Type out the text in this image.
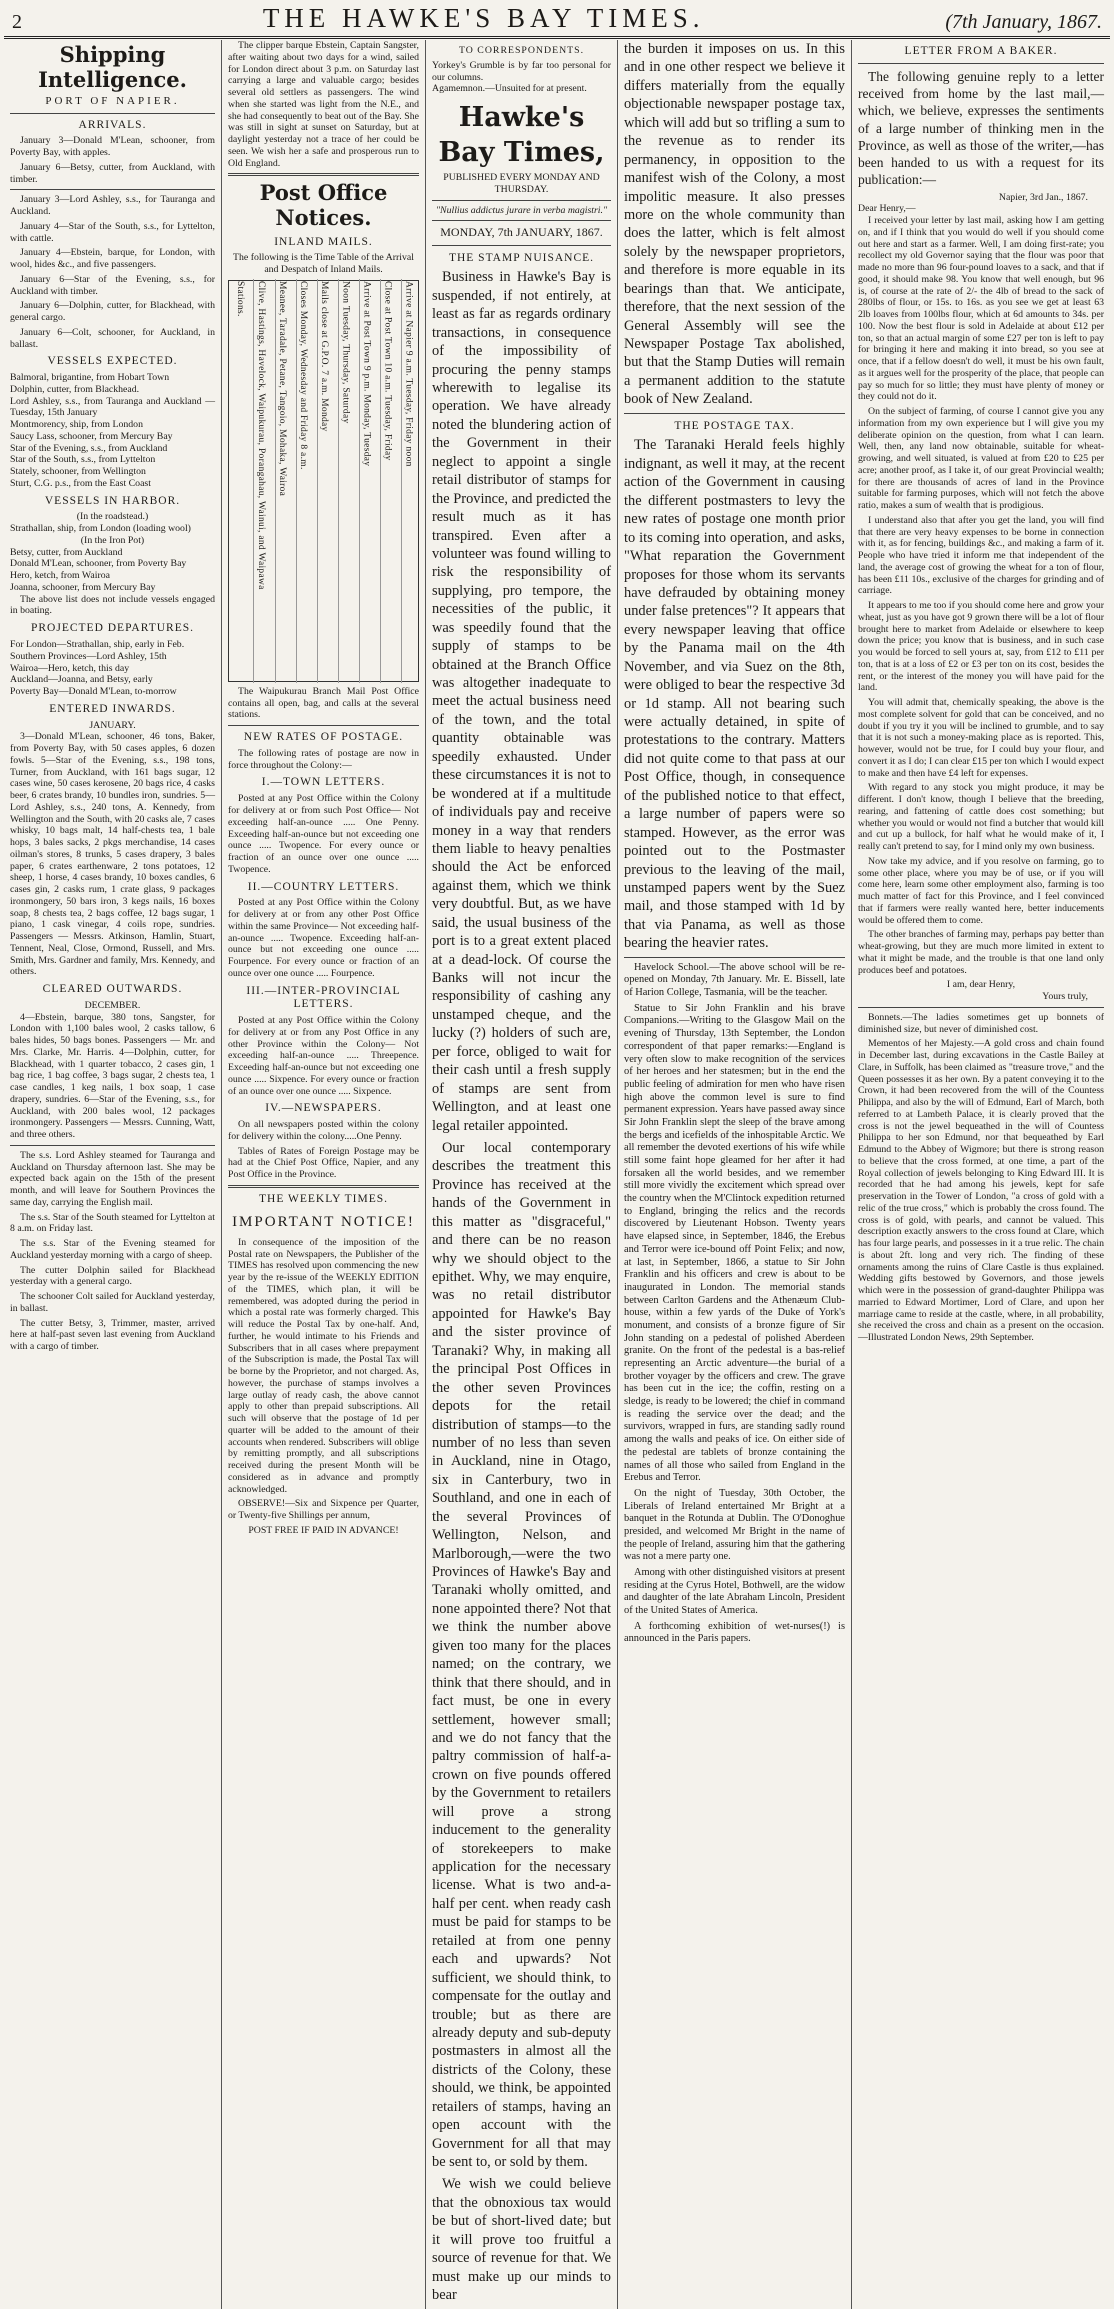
2	THE HAWKE'S BAY TIMES.	(7th January, 1867.
Shipping Intelligence.
PORT OF NAPIER.
ARRIVALS.

January 3—Donald M'Lean, schooner, from Poverty Bay, with apples.

January 6—Betsy, cutter, from Auckland, with timber.

January 3—Lord Ashley, s.s., for Tauranga and Auckland.

January 4—Star of the South, s.s., for Lyttelton, with cattle.

January 4—Ebstein, barque, for London, with wool, hides &c., and five passengers.

January 6—Star of the Evening, s.s., for Auckland with timber.

January 6—Dolphin, cutter, for Blackhead, with general cargo.

January 6—Colt, schooner, for Auckland, in ballast.

VESSELS EXPECTED.
Balmoral, brigantine, from Hobart Town
Dolphin, cutter, from Blackhead.
Lord Ashley, s.s., from Tauranga and Auckland —Tuesday, 15th January
Montmorency, ship, from London
Saucy Lass, schooner, from Mercury Bay
Star of the Evening, s.s., from Auckland
Star of the South, s.s., from Lyttelton
Stately, schooner, from Wellington
Sturt, C.G. p.s., from the East Coast
VESSELS IN HARBOR.
(In the roadstead.)
Strathallan, ship, from London (loading wool)
(In the Iron Pot)
Betsy, cutter, from Auckland
Donald M'Lean, schooner, from Poverty Bay
Hero, ketch, from Wairoa
Joanna, schooner, from Mercury Bay

The above list does not include vessels engaged in boating.

PROJECTED DEPARTURES.
For London—Strathallan, ship, early in Feb.
Southern Provinces—Lord Ashley, 15th
Wairoa—Hero, ketch, this day
Auckland—Joanna, and Betsy, early
Poverty Bay—Donald M'Lean, to-morrow
ENTERED INWARDS.
JANUARY.

3—Donald M'Lean, schooner, 46 tons, Baker, from Poverty Bay, with 50 cases apples, 6 dozen fowls. 5—Star of the Evening, s.s., 198 tons, Turner, from Auckland, with 161 bags sugar, 12 cases wine, 50 cases kerosene, 20 bags rice, 4 casks beer, 6 crates brandy, 10 bundles iron, sundries. 5—Lord Ashley, s.s., 240 tons, A. Kennedy, from Wellington and the South, with 20 casks ale, 7 cases whisky, 10 bags malt, 14 half-chests tea, 1 bale hops, 3 bales sacks, 2 pkgs merchandise, 14 cases oilman's stores, 8 trunks, 5 cases drapery, 3 bales paper, 6 crates earthenware, 2 tons potatoes, 12 sheep, 1 horse, 4 cases brandy, 10 boxes candles, 6 cases gin, 2 casks rum, 1 crate glass, 9 packages ironmongery, 50 bars iron, 3 kegs nails, 16 boxes soap, 8 chests tea, 2 bags coffee, 12 bags sugar, 1 piano, 1 cask vinegar, 4 coils rope, sundries. Passengers — Messrs. Atkinson, Hamlin, Stuart, Tennent, Neal, Close, Ormond, Russell, and Mrs. Smith, Mrs. Gardner and family, Mrs. Kennedy, and others.

CLEARED OUTWARDS.
DECEMBER.

4—Ebstein, barque, 380 tons, Sangster, for London with 1,100 bales wool, 2 casks tallow, 6 bales hides, 50 bags bones. Passengers — Mr. and Mrs. Clarke, Mr. Harris. 4—Dolphin, cutter, for Blackhead, with 1 quarter tobacco, 2 cases gin, 1 bag rice, 1 bag coffee, 3 bags sugar, 2 chests tea, 1 case candles, 1 keg nails, 1 box soap, 1 case drapery, sundries. 6—Star of the Evening, s.s., for Auckland, with 200 bales wool, 12 packages ironmongery. Passengers — Messrs. Cunning, Watt, and three others.

The s.s. Lord Ashley steamed for Tauranga and Auckland on Thursday afternoon last. She may be expected back again on the 15th of the present month, and will leave for Southern Provinces the same day, carrying the English mail.

The s.s. Star of the South steamed for Lyttelton at 8 a.m. on Friday last.

The s.s. Star of the Evening steamed for Auckland yesterday morning with a cargo of sheep.

The cutter Dolphin sailed for Blackhead yesterday with a general cargo.

The schooner Colt sailed for Auckland yesterday, in ballast.

The cutter Betsy, 3, Trimmer, master, arrived here at half-past seven last evening from Auckland with a cargo of timber.

The clipper barque Ebstein, Captain Sangster, after waiting about two days for a wind, sailed for London direct about 3 p.m. on Saturday last carrying a large and valuable cargo; besides several old settlers as passengers. The wind when she started was light from the N.E., and she had consequently to beat out of the Bay. She was still in sight at sunset on Saturday, but at daylight yesterday not a trace of her could be seen. We wish her a safe and prosperous run to Old England.

Post Office Notices.
INLAND MAILS.
The following is the Time Table of the Arrival and Despatch of Inland Mails.
Stations. Clive, Hastings, Havelock, Waipukurau, Porangahau, Wainui, and Waipawa Meanee, Taradale, Petane, Tangoio, Mohaka, Wairoa Closes Monday, Wednesday and Friday 8 a.m. Mails close at G.P.O. 7 a.m. Monday Noon Tuesday, Thursday, Saturday Arrive at Post Town 9 p.m. Monday, Tuesday Close at Post Town 10 a.m. Tuesday, Friday Arrive at Napier 9 a.m. Tuesday, Friday noon

The Waipukurau Branch Mail Post Office contains all open, bag, and calls at the several stations.

NEW RATES OF POSTAGE.

The following rates of postage are now in force throughout the Colony:—

I.—TOWN LETTERS.

Posted at any Post Office within the Colony for delivery at or from such Post Office— Not exceeding half-an-ounce ..... One Penny. Exceeding half-an-ounce but not exceeding one ounce ..... Twopence. For every ounce or fraction of an ounce over one ounce ..... Twopence.

II.—COUNTRY LETTERS.

Posted at any Post Office within the Colony for delivery at or from any other Post Office within the same Province— Not exceeding half-an-ounce ..... Twopence. Exceeding half-an-ounce but not exceeding one ounce ..... Fourpence. For every ounce or fraction of an ounce over one ounce ..... Fourpence.

III.—INTER-PROVINCIAL LETTERS.

Posted at any Post Office within the Colony for delivery at or from any Post Office in any other Province within the Colony— Not exceeding half-an-ounce ..... Threepence. Exceeding half-an-ounce but not exceeding one ounce ..... Sixpence. For every ounce or fraction of an ounce over one ounce ..... Sixpence.

IV.—NEWSPAPERS.

On all newspapers posted within the colony for delivery within the colony.....One Penny.

Tables of Rates of Foreign Postage may be had at the Chief Post Office, Napier, and any Post Office in the Province.

THE WEEKLY TIMES.
IMPORTANT NOTICE!

In consequence of the imposition of the Postal rate on Newspapers, the Publisher of the TIMES has resolved upon commencing the new year by the re-issue of the WEEKLY EDITION of the TIMES, which plan, it will be remembered, was adopted during the period in which a postal rate was formerly charged. This will reduce the Postal Tax by one-half. And, further, he would intimate to his Friends and Subscribers that in all cases where prepayment of the Subscription is made, the Postal Tax will be borne by the Proprietor, and not charged. As, however, the purchase of stamps involves a large outlay of ready cash, the above cannot apply to other than prepaid subscriptions. All such will observe that the postage of 1d per quarter will be added to the amount of their accounts when rendered. Subscribers will oblige by remitting promptly, and all subscriptions received during the present Month will be considered as in advance and promptly acknowledged.

OBSERVE!—Six and Sixpence per Quarter, or Twenty-five Shillings per annum,

POST FREE IF PAID IN ADVANCE!
TO CORRESPONDENTS.
Yorkey's Grumble is by far too personal for our columns.
Agamemnon.—Unsuited for at present.
Hawke's Bay Times,
PUBLISHED EVERY MONDAY AND THURSDAY.
"Nullius addictus jurare in verba magistri."
MONDAY, 7th JANUARY, 1867.
THE STAMP NUISANCE.

Business in Hawke's Bay is suspended, if not entirely, at least as far as regards ordinary transactions, in consequence of the impossibility of procuring the penny stamps wherewith to legalise its operation. We have already noted the blundering action of the Government in their neglect to appoint a single retail distributor of stamps for the Province, and predicted the result much as it has transpired. Even after a volunteer was found willing to risk the responsibility of supplying, pro tempore, the necessities of the public, it was speedily found that the supply of stamps to be obtained at the Branch Office was altogether inadequate to meet the actual business need of the town, and the total quantity obtainable was speedily exhausted. Under these circumstances it is not to be wondered at if a multitude of individuals pay and receive money in a way that renders them liable to heavy penalties should the Act be enforced against them, which we think very doubtful. But, as we have said, the usual business of the port is to a great extent placed at a dead-lock. Of course the Banks will not incur the responsibility of cashing any unstamped cheque, and the lucky (?) holders of such are, per force, obliged to wait for their cash until a fresh supply of stamps are sent from Wellington, and at least one legal retailer appointed.

Our local contemporary describes the treatment this Province has received at the hands of the Government in this matter as "disgraceful," and there can be no reason why we should object to the epithet. Why, we may enquire, was no retail distributor appointed for Hawke's Bay and the sister province of Taranaki? Why, in making all the principal Post Offices in the other seven Provinces depots for the retail distribution of stamps—to the number of no less than seven in Auckland, nine in Otago, six in Canterbury, two in Southland, and one in each of the several Provinces of Wellington, Nelson, and Marlborough,—were the two Provinces of Hawke's Bay and Taranaki wholly omitted, and none appointed there? Not that we think the number above given too many for the places named; on the contrary, we think that there should, and in fact must, be one in every settlement, however small; and we do not fancy that the paltry commission of half-a-crown on five pounds offered by the Government to retailers will prove a strong inducement to the generality of storekeepers to make application for the necessary license. What is two and-a-half per cent. when ready cash must be paid for stamps to be retailed at from one penny each and upwards? Not sufficient, we should think, to compensate for the outlay and trouble; but as there are already deputy and sub-deputy postmasters in almost all the districts of the Colony, these should, we think, be appointed retailers of stamps, having an open account with the Government for all that may be sent to, or sold by them.

We wish we could believe that the obnoxious tax would be but of short-lived date; but it will prove too fruitful a source of revenue for that. We must make up our minds to bear

the burden it imposes on us. In this and in one other respect we believe it differs materially from the equally objectionable newspaper postage tax, which will add but so trifling a sum to the revenue as to render its permanency, in opposition to the manifest wish of the Colony, a most impolitic measure. It also presses more on the whole community than does the latter, which is felt almost solely by the newspaper proprietors, and therefore is more equable in its bearings than that. We anticipate, therefore, that the next session of the General Assembly will see the Newspaper Postage Tax abolished, but that the Stamp Duties will remain a permanent addition to the statute book of New Zealand.

THE POSTAGE TAX.

The Taranaki Herald feels highly indignant, as well it may, at the recent action of the Government in causing the different postmasters to levy the new rates of postage one month prior to its coming into operation, and asks, "What reparation the Government proposes for those whom its servants have defrauded by obtaining money under false pretences"? It appears that every newspaper leaving that office by the Panama mail on the 4th November, and via Suez on the 8th, were obliged to bear the respective 3d or 1d stamp. All not bearing such were actually detained, in spite of protestations to the contrary. Matters did not quite come to that pass at our Post Office, though, in consequence of the published notice to that effect, a large number of papers were so stamped. However, as the error was pointed out to the Postmaster previous to the leaving of the mail, unstamped papers went by the Suez mail, and those stamped with 1d by that via Panama, as well as those bearing the heavier rates.

Havelock School.—The above school will be re-opened on Monday, 7th January. Mr. E. Bissell, late of Harion College, Tasmania, will be the teacher.

Statue to Sir John Franklin and his brave Companions.—Writing to the Glasgow Mail on the evening of Thursday, 13th September, the London correspondent of that paper remarks:—England is very often slow to make recognition of the services of her heroes and her statesmen; but in the end the public feeling of admiration for men who have risen high above the common level is sure to find permanent expression. Years have passed away since Sir John Franklin slept the sleep of the brave among the bergs and icefields of the inhospitable Arctic. We all remember the devoted exertions of his wife while still some faint hope gleamed for her after it had forsaken all the world besides, and we remember still more vividly the excitement which spread over the country when the M'Clintock expedition returned to England, bringing the relics and the records discovered by Lieutenant Hobson. Twenty years have elapsed since, in September, 1846, the Erebus and Terror were ice-bound off Point Felix; and now, at last, in September, 1866, a statue to Sir John Franklin and his officers and crew is about to be inaugurated in London. The memorial stands between Carlton Gardens and the Athenæum Club-house, within a few yards of the Duke of York's monument, and consists of a bronze figure of Sir John standing on a pedestal of polished Aberdeen granite. On the front of the pedestal is a bas-relief representing an Arctic adventure—the burial of a brother voyager by the officers and crew. The grave has been cut in the ice; the coffin, resting on a sledge, is ready to be lowered; the chief in command is reading the service over the dead; and the survivors, wrapped in furs, are standing sadly round among the walls and peaks of ice. On either side of the pedestal are tablets of bronze containing the names of all those who sailed from England in the Erebus and Terror.

On the night of Tuesday, 30th October, the Liberals of Ireland entertained Mr Bright at a banquet in the Rotunda at Dublin. The O'Donoghue presided, and welcomed Mr Bright in the name of the people of Ireland, assuring him that the gathering was not a mere party one.

Among with other distinguished visitors at present residing at the Cyrus Hotel, Bothwell, are the widow and daughter of the late Abraham Lincoln, President of the United States of America.

A forthcoming exhibition of wet-nurses(!) is announced in the Paris papers.

LETTER FROM A BAKER.

The following genuine reply to a letter received from home by the last mail,—which, we believe, expresses the sentiments of a large number of thinking men in the Province, as well as those of the writer,—has been handed to us with a request for its publication:—

Napier, 3rd Jan., 1867.
Dear Henry,—

I received your letter by last mail, asking how I am getting on, and if I think that you would do well if you should come out here and start as a farmer. Well, I am doing first-rate; you recollect my old Governor saying that the flour was poor that made no more than 96 four-pound loaves to a sack, and that if good, it should make 98. You know that well enough, but 96 is, of course at the rate of 2/- the 4lb of bread to the sack of 280lbs of flour, or 15s. to 16s. as you see we get at least 63 2lb loaves from 100lbs flour, which at 6d amounts to 34s. per 100. Now the best flour is sold in Adelaide at about £12 per ton, so that an actual margin of some £27 per ton is left to pay for bringing it here and making it into bread, so you see at once, that if a fellow doesn't do well, it must be his own fault, as it argues well for the prosperity of the place, that people can pay so much for so little; they must have plenty of money or they could not do it.

On the subject of farming, of course I cannot give you any information from my own experience but I will give you my deliberate opinion on the question, from what I can learn. Well, then, any land now obtainable, suitable for wheat-growing, and well situated, is valued at from £20 to £25 per acre; another proof, as I take it, of our great Provincial wealth; for there are thousands of acres of land in the Province suitable for farming purposes, which will not fetch the above ratio, makes a sum of wealth that is prodigious.

I understand also that after you get the land, you will find that there are very heavy expenses to be borne in connection with it, as for fencing, buildings &c., and making a farm of it. People who have tried it inform me that independent of the land, the average cost of growing the wheat for a ton of flour, has been £11 10s., exclusive of the charges for grinding and of carriage.

It appears to me too if you should come here and grow your wheat, just as you have got 9 grown there will be a lot of flour brought here to market from Adelaide or elsewhere to keep down the price; you know that is business, and in such case you would be forced to sell yours at, say, from £12 to £11 per ton, that is at a loss of £2 or £3 per ton on its cost, besides the rent, or the interest of the money you will have paid for the land.

You will admit that, chemically speaking, the above is the most complete solvent for gold that can be conceived, and no doubt if you try it you will be inclined to grumble, and to say that it is not such a money-making place as is reported. This, however, would not be true, for I could buy your flour, and convert it as I do; I can clear £15 per ton which I would expect to make and then have £4 left for expenses.

With regard to any stock you might produce, it may be different. I don't know, though I believe that the breeding, rearing, and fattening of cattle does cost something; but whether you would or would not find a butcher that would kill and cut up a bullock, for half what he would make of it, I really can't pretend to say, for I mind only my own business.

Now take my advice, and if you resolve on farming, go to some other place, where you may be of use, or if you will come here, learn some other employment also, farming is too much matter of fact for this Province, and I feel convinced that if farmers were really wanted here, better inducements would be offered them to come.

The other branches of farming may, perhaps pay better than wheat-growing, but they are much more limited in extent to what it might be made, and the trouble is that one land only produces beef and potatoes.

I am, dear Henry,
Yours truly,

Bonnets.—The ladies sometimes get up bonnets of diminished size, but never of diminished cost.

Mementos of her Majesty.—A gold cross and chain found in December last, during excavations in the Castle Bailey at Clare, in Suffolk, has been claimed as "treasure trove," and the Queen possesses it as her own. By a patent conveying it to the Crown, it had been recovered from the will of the Countess Philippa, and also by the will of Edmund, Earl of March, both referred to at Lambeth Palace, it is clearly proved that the cross is not the jewel bequeathed in the will of Countess Philippa to her son Edmund, nor that bequeathed by Earl Edmund to the Abbey of Wigmore; but there is strong reason to believe that the cross formed, at one time, a part of the Royal collection of jewels belonging to King Edward III. It is recorded that he had among his jewels, kept for safe preservation in the Tower of London, "a cross of gold with a relic of the true cross," which is probably the cross found. The cross is of gold, with pearls, and cannot be valued. This description exactly answers to the cross found at Clare, which has four large pearls, and possesses in it a true relic. The chain is about 2ft. long and very rich. The finding of these ornaments among the ruins of Clare Castle is thus explained. Wedding gifts bestowed by Governors, and those jewels which were in the possession of grand-daughter Philippa was married to Edward Mortimer, Lord of Clare, and upon her marriage came to reside at the castle, where, in all probability, she received the cross and chain as a present on the occasion.—Illustrated London News, 29th September.
